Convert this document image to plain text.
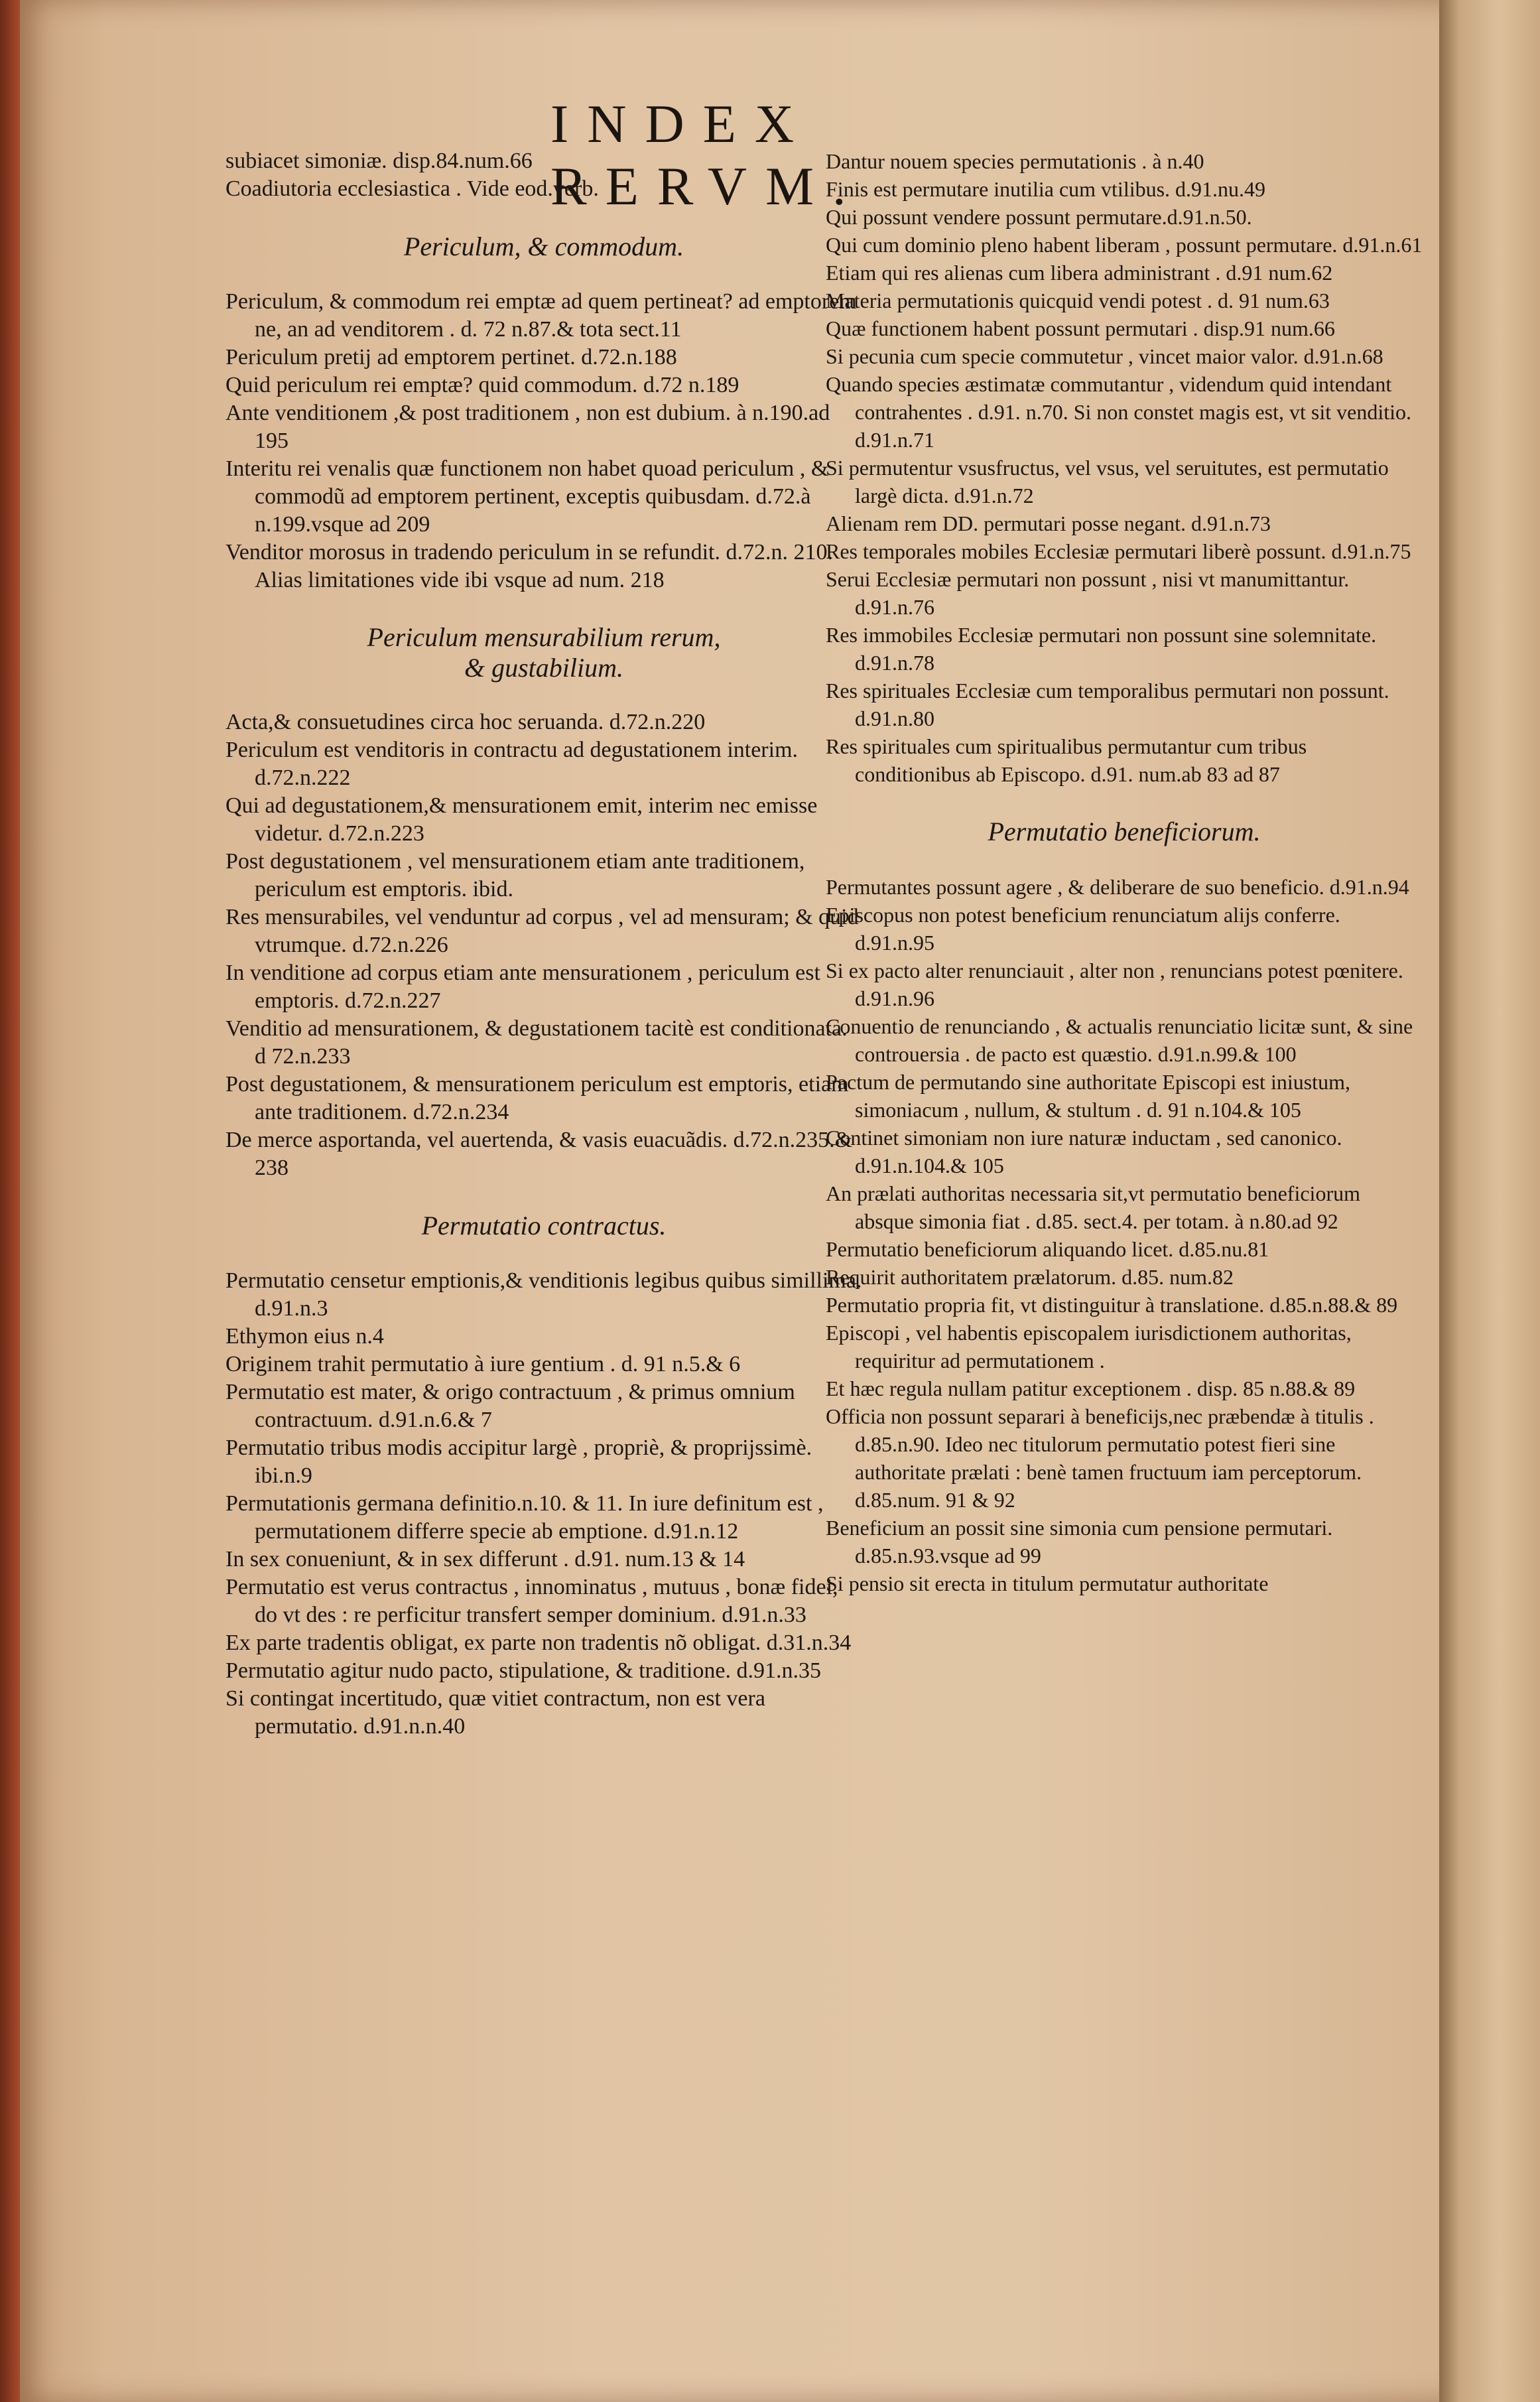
INDEX RERVM.

subiacet simoniæ. disp.84.num.66

Coadiutoria ecclesiastica . Vide eod.verb.

Periculum, & commodum.

Periculum, & commodum rei emptæ ad quem pertineat? ad emptorem ne, an ad venditorem . d. 72 n.87.& tota sect.11

Periculum pretij ad emptorem pertinet. d.72.n.188

Quid periculum rei emptæ? quid commodum. d.72 n.189

Ante venditionem ,& post traditionem , non est dubium. à n.190.ad 195

Interitu rei venalis quæ functionem non habet quoad periculum , & commodũ ad emptorem pertinent, exceptis quibusdam. d.72.à n.199.vsque ad 209

Venditor morosus in tradendo periculum in se refundit. d.72.n. 210. Alias limitationes vide ibi vsque ad num. 218

Periculum mensurabilium rerum,
& gustabilium.

Acta,& consuetudines circa hoc seruanda. d.72.n.220

Periculum est venditoris in contractu ad degustationem interim. d.72.n.222

Qui ad degustationem,& mensurationem emit, interim nec emisse videtur. d.72.n.223

Post degustationem , vel mensurationem etiam ante traditionem, periculum est emptoris. ibid.

Res mensurabiles, vel venduntur ad corpus , vel ad mensuram; & quid vtrumque. d.72.n.226

In venditione ad corpus etiam ante mensurationem , periculum est emptoris. d.72.n.227

Venditio ad mensurationem, & degustationem tacitè est conditionata. d 72.n.233

Post degustationem, & mensurationem periculum est emptoris, etiam ante traditionem. d.72.n.234

De merce asportanda, vel auertenda, & vasis euacuãdis. d.72.n.235.& 238

Permutatio contractus.

Permutatio censetur emptionis,& venditionis legibus quibus simillima. d.91.n.3

Ethymon eius n.4

Originem trahit permutatio à iure gentium . d. 91 n.5.& 6

Permutatio est mater, & origo contractuum , & primus omnium contractuum. d.91.n.6.& 7

Permutatio tribus modis accipitur largè , propriè, & proprijssimè. ibi.n.9

Permutationis germana definitio.n.10. & 11. In iure definitum est , permutationem differre specie ab emptione. d.91.n.12

In sex conueniunt, & in sex differunt . d.91. num.13 & 14

Permutatio est verus contractus , innominatus , mutuus , bonæ fidei, do vt des : re perficitur transfert semper dominium. d.91.n.33

Ex parte tradentis obligat, ex parte non tradentis nõ obligat. d.31.n.34

Permutatio agitur nudo pacto, stipulatione, & traditione. d.91.n.35

Si contingat incertitudo, quæ vitiet contractum, non est vera permutatio. d.91.n.n.40

Dantur nouem species permutationis . à n.40

Finis est permutare inutilia cum vtilibus. d.91.nu.49

Qui possunt vendere possunt permutare.d.91.n.50.

Qui cum dominio pleno habent liberam , possunt permutare. d.91.n.61

Etiam qui res alienas cum libera administrant . d.91 num.62

Materia permutationis quicquid vendi potest . d. 91 num.63

Quæ functionem habent possunt permutari . disp.91 num.66

Si pecunia cum specie commutetur , vincet maior valor. d.91.n.68

Quando species æstimatæ commutantur , videndum quid intendant contrahentes . d.91. n.70. Si non constet magis est, vt sit venditio. d.91.n.71

Si permutentur vsusfructus, vel vsus, vel seruitutes, est permutatio largè dicta. d.91.n.72

Alienam rem DD. permutari posse negant. d.91.n.73

Res temporales mobiles Ecclesiæ permutari liberè possunt. d.91.n.75

Serui Ecclesiæ permutari non possunt , nisi vt manumittantur. d.91.n.76

Res immobiles Ecclesiæ permutari non possunt sine solemnitate. d.91.n.78

Res spirituales Ecclesiæ cum temporalibus permutari non possunt. d.91.n.80

Res spirituales cum spiritualibus permutantur cum tribus conditionibus ab Episcopo. d.91. num.ab 83 ad 87

Permutatio beneficiorum.

Permutantes possunt agere , & deliberare de suo beneficio. d.91.n.94

Episcopus non potest beneficium renunciatum alijs conferre. d.91.n.95

Si ex pacto alter renunciauit , alter non , renuncians potest pœnitere. d.91.n.96

Conuentio de renunciando , & actualis renunciatio licitæ sunt, & sine controuersia . de pacto est quæstio. d.91.n.99.& 100

Pactum de permutando sine authoritate Episcopi est iniustum, simoniacum , nullum, & stultum . d. 91 n.104.& 105

Continet simoniam non iure naturæ inductam , sed canonico. d.91.n.104.& 105

An prælati authoritas necessaria sit,vt permutatio beneficiorum absque simonia fiat . d.85. sect.4. per totam. à n.80.ad 92

Permutatio beneficiorum aliquando licet. d.85.nu.81

Requirit authoritatem prælatorum. d.85. num.82

Permutatio propria fit, vt distinguitur à translatione. d.85.n.88.& 89

Episcopi , vel habentis episcopalem iurisdictionem authoritas, requiritur ad permutationem .

Et hæc regula nullam patitur exceptionem . disp. 85 n.88.& 89

Officia non possunt separari à beneficijs,nec præbendæ à titulis . d.85.n.90. Ideo nec titulorum permutatio potest fieri sine authoritate prælati : benè tamen fructuum iam perceptorum. d.85.num. 91 & 92

Beneficium an possit sine simonia cum pensione permutari. d.85.n.93.vsque ad 99

Si pensio sit erecta in titulum permutatur authoritate
